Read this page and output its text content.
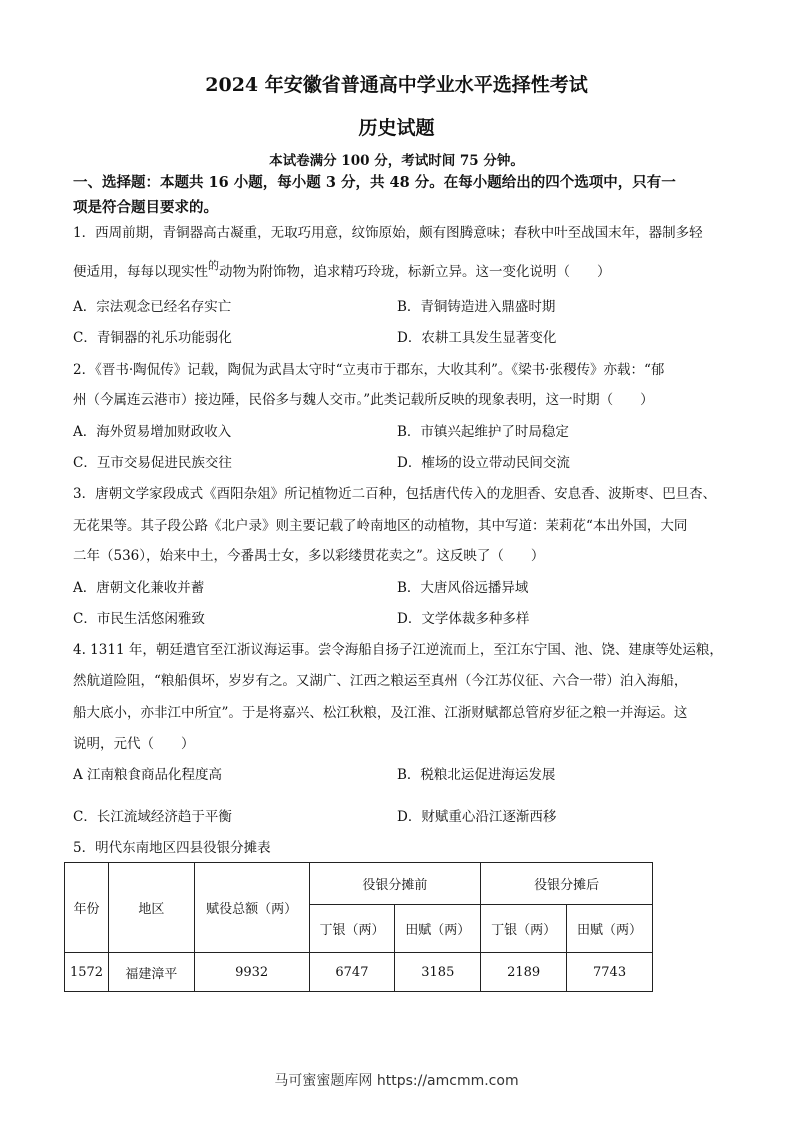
2024 年安徽省普通高中学业水平选择性考试
历史试题
本试卷满分 100 分，考试时间 75 分钟。
一、选择题：本题共 16 小题，每小题 3 分，共 48 分。在每小题给出的四个选项中，只有一
项是符合题目要求的。
1．西周前期，青铜器高古凝重，无取巧用意，纹饰原始，颇有图腾意味；春秋中叶至战国末年，器制多轻
便适用，每每以现实性$^的$动物为附饰物，追求精巧玲珑，标新立异。这一变化说明（　　）
A．宗法观念已经名存实亡	B．青铜铸造进入鼎盛时期
C．青铜器的礼乐功能弱化	D．农耕工具发生显著变化
2．《晋书·陶侃传》记载，陶侃为武昌太守时“立夷市于郡东，大收其利”。《梁书·张稷传》亦载：“郁
州（今属连云港市）接边陲，民俗多与魏人交市。”此类记载所反映的现象表明，这一时期（　　）
A．海外贸易增加财政收入	B．市镇兴起维护了时局稳定
C．互市交易促进民族交往	D．榷场的设立带动民间交流
3．唐朝文学家段成式《酉阳杂俎》所记植物近二百种，包括唐代传入的龙胆香、安息香、波斯枣、巴旦杏、
无花果等。其子段公路《北户录》则主要记载了岭南地区的动植物，其中写道：茉莉花“本出外国，大同
二年（536），始来中土，今番禺士女，多以彩缕贯花卖之”。这反映了（　　）
A．唐朝文化兼收并蓄	B．大唐风俗远播异域
C．市民生活悠闲雅致	D．文学体裁多种多样
4. 1311 年，朝廷遣官至江浙议海运事。尝令海船自扬子江逆流而上，至江东宁国、池、饶、建康等处运粮，
然航道险阻，“粮船俱坏，岁岁有之。又湖广、江西之粮运至真州（今江苏仪征、六合一带）泊入海船，
船大底小，亦非江中所宜”。于是将嘉兴、松江秋粮，及江淮、江浙财赋都总管府岁征之粮一并海运。这
说明，元代（　　）
A 江南粮食商品化程度高	B．税粮北运促进海运发展
C．长江流域经济趋于平衡	D．财赋重心沿江逐渐西移
5．明代东南地区四县役银分摊表
年份	地区	赋役总额（两）	役银分摊前		役银分摊后	
			丁银（两）	田赋（两）	丁银（两）	田赋（两）
1572	福建漳平	9932	6747	3185	2189	7743
马可蜜蜜题库网 https://amcmm.com
